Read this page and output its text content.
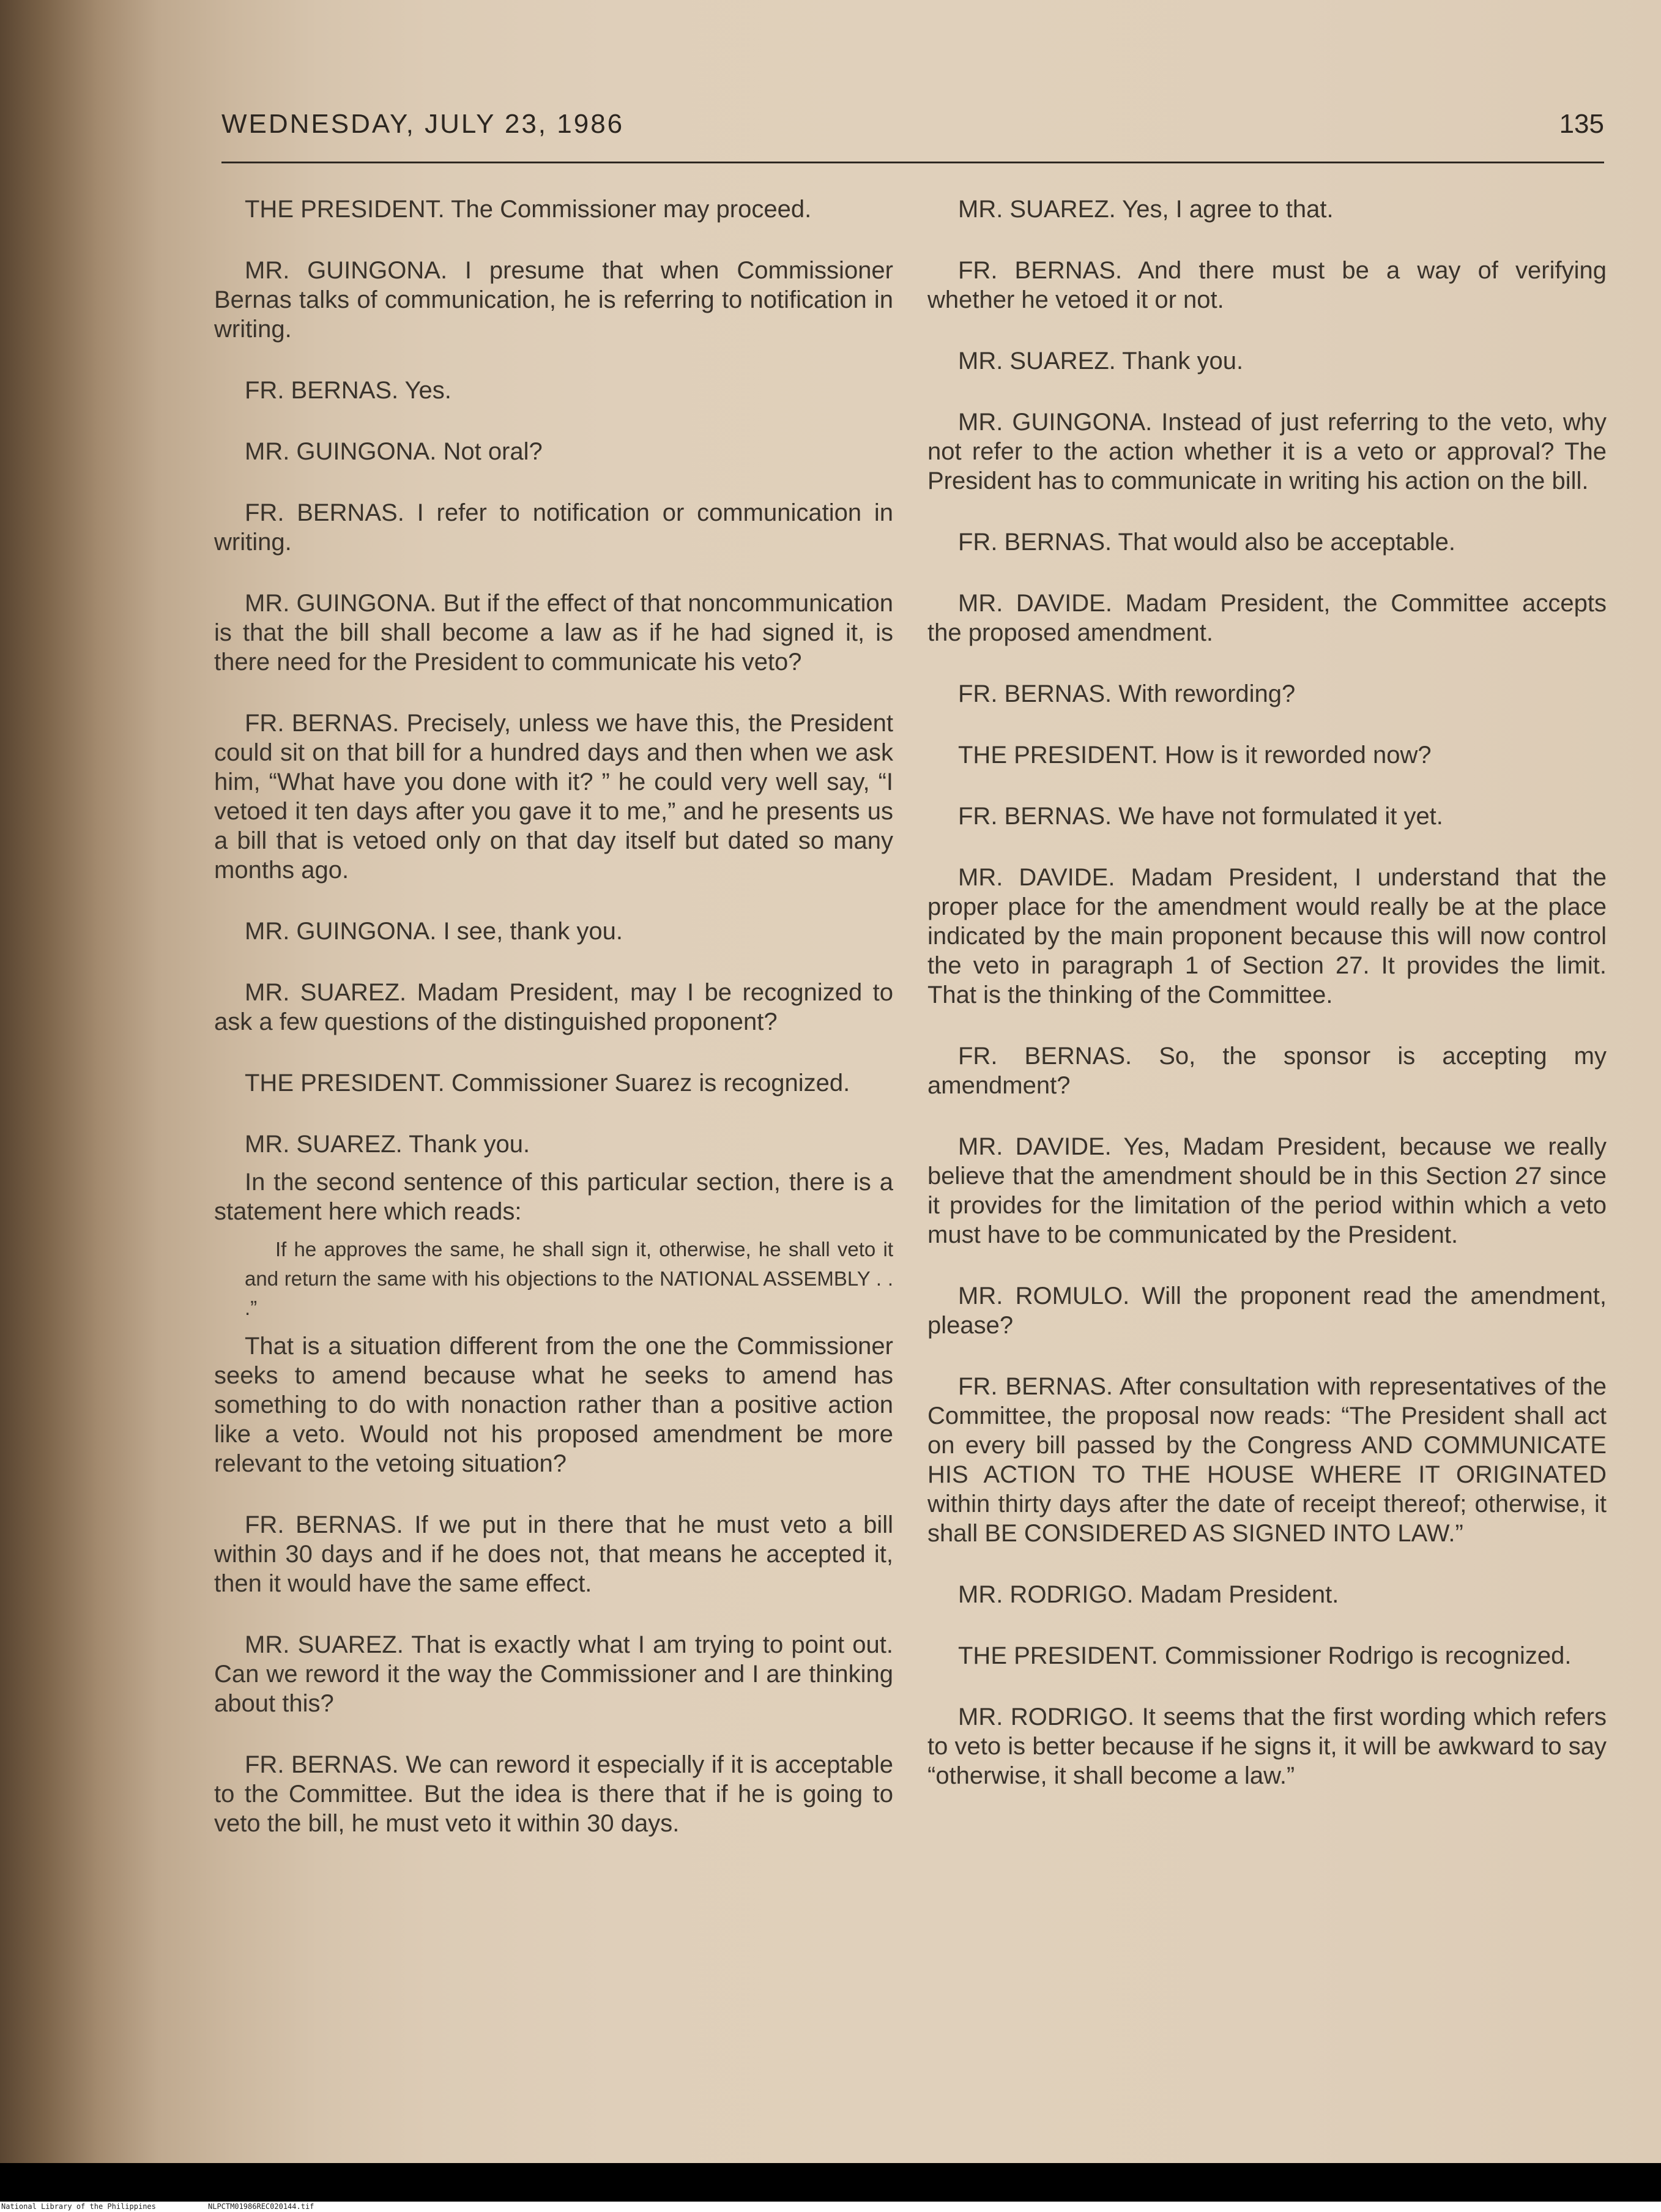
WEDNESDAY, JULY 23, 1986	135

THE PRESIDENT. The Commissioner may proceed.

MR. GUINGONA. I presume that when Commissioner Bernas talks of communication, he is referring to notification in writing.

FR. BERNAS. Yes.

MR. GUINGONA. Not oral?

FR. BERNAS. I refer to notification or communication in writing.

MR. GUINGONA. But if the effect of that noncommunication is that the bill shall become a law as if he had signed it, is there need for the President to communicate his veto?

FR. BERNAS. Precisely, unless we have this, the President could sit on that bill for a hundred days and then when we ask him, “What have you done with it? ” he could very well say, “I vetoed it ten days after you gave it to me,” and he presents us a bill that is vetoed only on that day itself but dated so many months ago.

MR. GUINGONA. I see, thank you.

MR. SUAREZ. Madam President, may I be recognized to ask a few questions of the distinguished proponent?

THE PRESIDENT. Commissioner Suarez is recognized.

MR. SUAREZ. Thank you.

In the second sentence of this particular section, there is a statement here which reads:

If he approves the same, he shall sign it, otherwise, he shall veto it and return the same with his objections to the NATIONAL ASSEMBLY . . .”

That is a situation different from the one the Commissioner seeks to amend because what he seeks to amend has something to do with nonaction rather than a positive action like a veto. Would not his proposed amendment be more relevant to the vetoing situation?

FR. BERNAS. If we put in there that he must veto a bill within 30 days and if he does not, that means he accepted it, then it would have the same effect.

MR. SUAREZ. That is exactly what I am trying to point out. Can we reword it the way the Commissioner and I are thinking about this?

FR. BERNAS. We can reword it especially if it is acceptable to the Committee. But the idea is there that if he is going to veto the bill, he must veto it within 30 days.

MR. SUAREZ. Yes, I agree to that.

FR. BERNAS. And there must be a way of verifying whether he vetoed it or not.

MR. SUAREZ. Thank you.

MR. GUINGONA. Instead of just referring to the veto, why not refer to the action whether it is a veto or approval? The President has to communicate in writing his action on the bill.

FR. BERNAS. That would also be acceptable.

MR. DAVIDE. Madam President, the Committee accepts the proposed amendment.

FR. BERNAS. With rewording?

THE PRESIDENT. How is it reworded now?

FR. BERNAS. We have not formulated it yet.

MR. DAVIDE. Madam President, I understand that the proper place for the amendment would really be at the place indicated by the main proponent because this will now control the veto in paragraph 1 of Section 27. It provides the limit. That is the thinking of the Committee.

FR. BERNAS. So, the sponsor is accepting my amendment?

MR. DAVIDE. Yes, Madam President, because we really believe that the amendment should be in this Section 27 since it provides for the limitation of the period within which a veto must have to be communicated by the President.

MR. ROMULO. Will the proponent read the amendment, please?

FR. BERNAS. After consultation with representatives of the Committee, the proposal now reads: “The President shall act on every bill passed by the Congress AND COMMUNICATE HIS ACTION TO THE HOUSE WHERE IT ORIGINATED within thirty days after the date of receipt thereof; otherwise, it shall BE CONSIDERED AS SIGNED INTO LAW.”

MR. RODRIGO. Madam President.

THE PRESIDENT. Commissioner Rodrigo is recognized.

MR. RODRIGO. It seems that the first wording which refers to veto is better because if he signs it, it will be awkward to say “otherwise, it shall become a law.”

National Library of the Philippines	NLPCTM01986REC020144.tif
